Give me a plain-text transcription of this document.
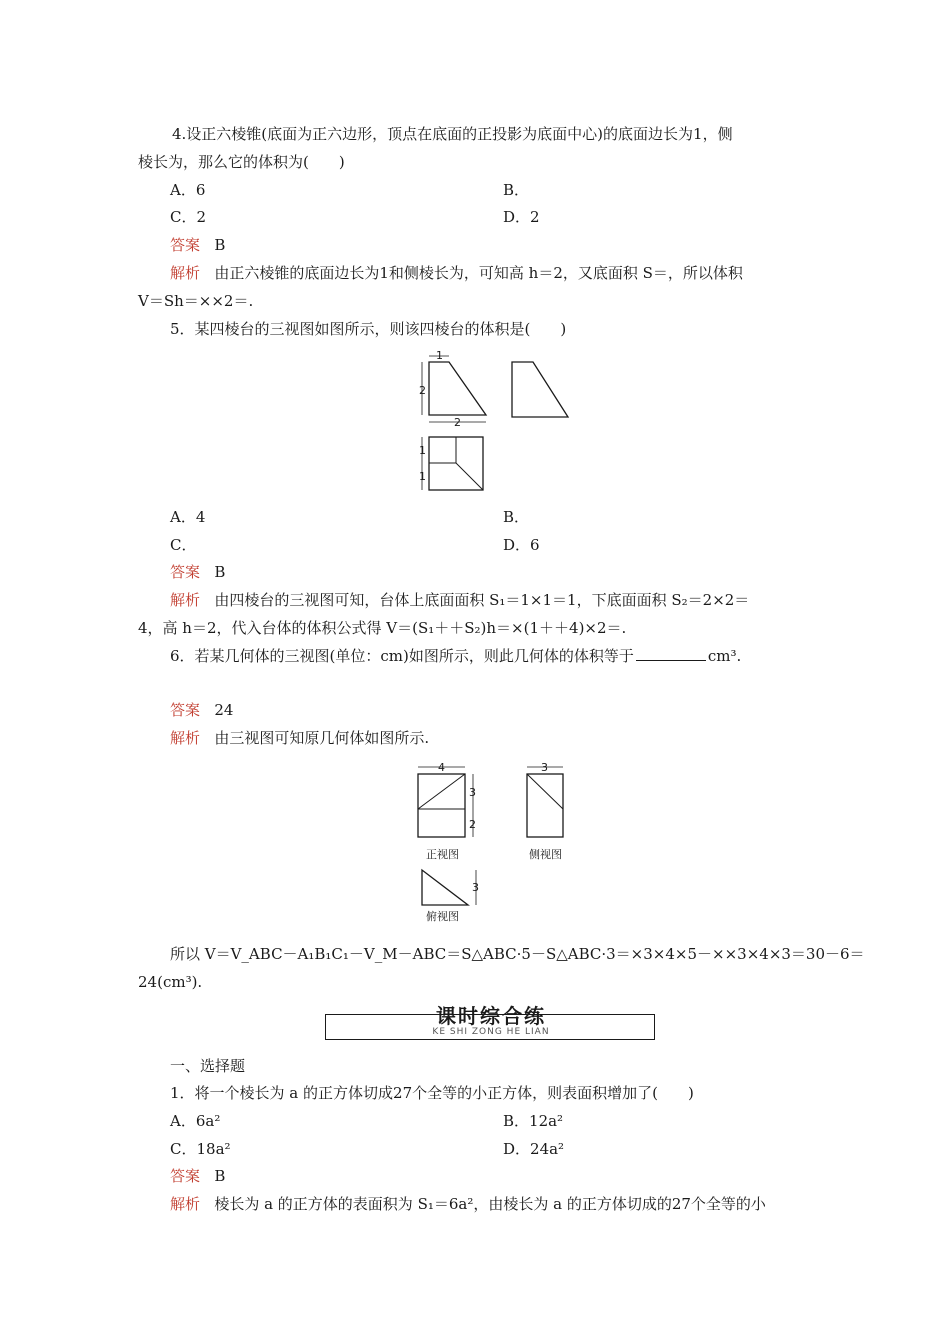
4.设正六棱锥(底面为正六边形，顶点在底面的正投影为底面中心)的底面边长为1，侧
棱长为，那么它的体积为(　　)
A．6	B．
C．2	D．2
答案 B
解析 由正六棱锥的底面边长为1和侧棱长为，可知高 h＝2，又底面积 S＝，所以体积
V＝Sh＝××2＝.
5．某四棱台的三视图如图所示，则该四棱台的体积是(　　)
1
2
2
1
1
A．4	B．
C．	D．6
答案 B
解析 由四棱台的三视图可知，台体上底面面积 S₁＝1×1＝1，下底面面积 S₂＝2×2＝
4，高 h＝2，代入台体的体积公式得 V＝(S₁＋＋S₂)h＝×(1＋＋4)×2＝.
6．若某几何体的三视图(单位：cm)如图所示，则此几何体的体积等于	cm³.
答案 24
解析 由三视图可知原几何体如图所示.
4
3
2
正视图
3
侧视图
3
俯视图
所以 V＝V_ABC－A₁B₁C₁－V_M－ABC＝S△ABC·5－S△ABC·3＝×3×4×5－××3×4×3＝30－6＝
24(cm³).
课时综合练
KE SHI ZONG HE LIAN
一、选择题
1．将一个棱长为 a 的正方体切成27个全等的小正方体，则表面积增加了(　　)
A．6a²	B．12a²
C．18a²	D．24a²
答案 B
解析 棱长为 a 的正方体的表面积为 S₁＝6a²，由棱长为 a 的正方体切成的27个全等的小
